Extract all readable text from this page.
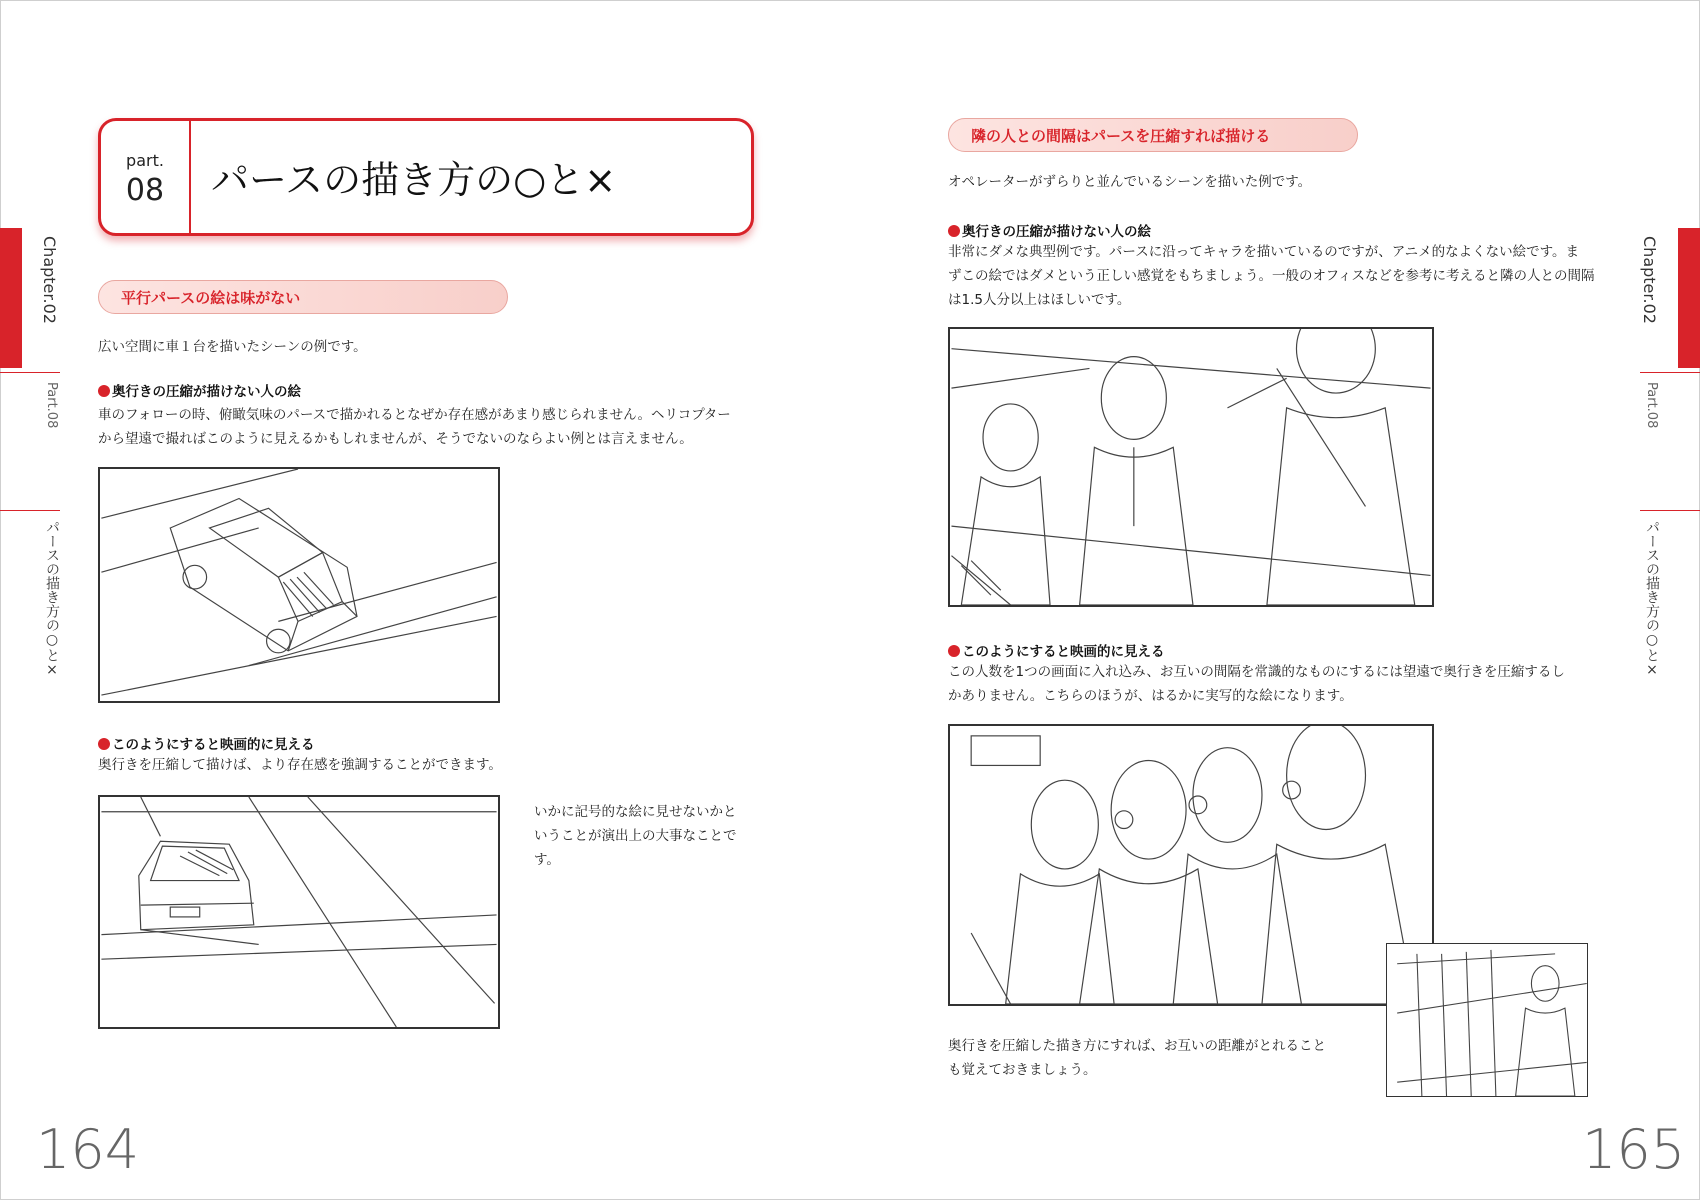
Chapter.02
Part.08
パースの描き方の○と×
Chapter.02
Part.08
パースの描き方の○と×
part.
08	パースの描き方の○と×
平行パースの絵は味がない
広い空間に車１台を描いたシーンの例です。
奥行きの圧縮が描けない人の絵
車のフォローの時、俯瞰気味のパースで描かれるとなぜか存在感があまり感じられません。ヘリコプター
から望遠で撮ればこのように見えるかもしれませんが、そうでないのならよい例とは言えません。
このようにすると映画的に見える
奥行きを圧縮して描けば、より存在感を強調することができます。
いかに記号的な絵に見せないかと
いうことが演出上の大事なことで
す。
164
隣の人との間隔はパースを圧縮すれば描ける
オペレーターがずらりと並んでいるシーンを描いた例です。
奥行きの圧縮が描けない人の絵
非常にダメな典型例です。パースに沿ってキャラを描いているのですが、アニメ的なよくない絵です。ま
ずこの絵ではダメという正しい感覚をもちましょう。一般のオフィスなどを参考に考えると隣の人との間隔
は1.5人分以上はほしいです。
このようにすると映画的に見える
この人数を1つの画面に入れ込み、お互いの間隔を常識的なものにするには望遠で奥行きを圧縮するし
かありません。こちらのほうが、はるかに実写的な絵になります。
奥行きを圧縮した描き方にすれば、お互いの距離がとれること
も覚えておきましょう。
165
